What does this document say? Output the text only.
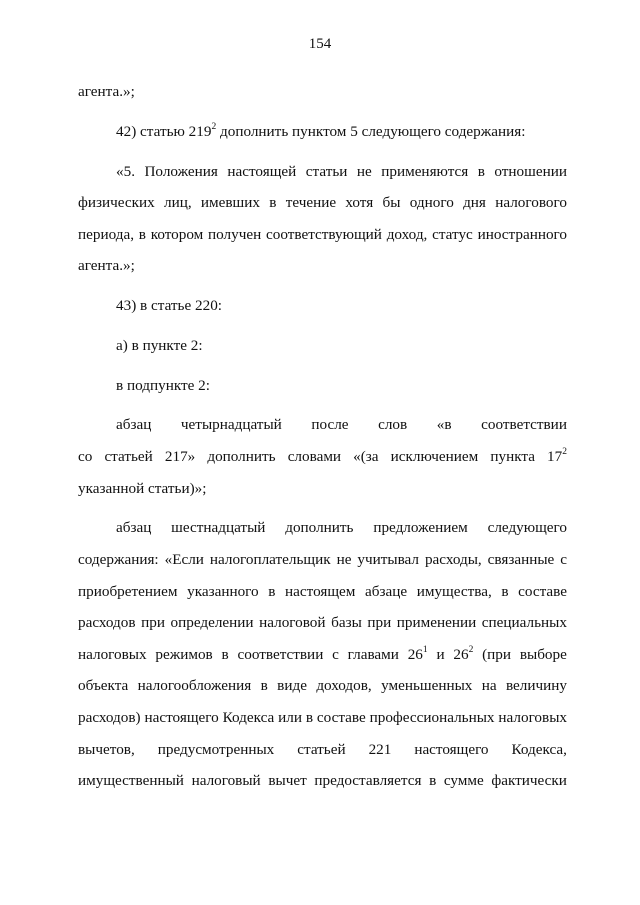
154
агента.»;
42) статью $219^2$ дополнить пунктом 5 следующего содержания:
«5. Положения настоящей статьи не применяются в отношении
физических лиц, имевших в течение хотя бы одного дня налогового
периода, в котором получен соответствующий доход, статус иностранного
агента.»;
43) в статье 220:
а) в пункте 2:
в подпункте 2:
абзац четырнадцатый после слов «в соответствии
со статьей 217» дополнить словами «(за исключением пункта $17^2$
указанной статьи)»;
абзац шестнадцатый дополнить предложением следующего
содержания: «Если налогоплательщик не учитывал расходы, связанные с
приобретением указанного в настоящем абзаце имущества, в составе
расходов при определении налоговой базы при применении специальных
налоговых режимов в соответствии с главами $26^1$ и $26^2$ (при выборе
объекта налогообложения в виде доходов, уменьшенных на величину
расходов) настоящего Кодекса или в составе профессиональных налоговых
вычетов, предусмотренных статьей 221 настоящего Кодекса,
имущественный налоговый вычет предоставляется в сумме фактически
